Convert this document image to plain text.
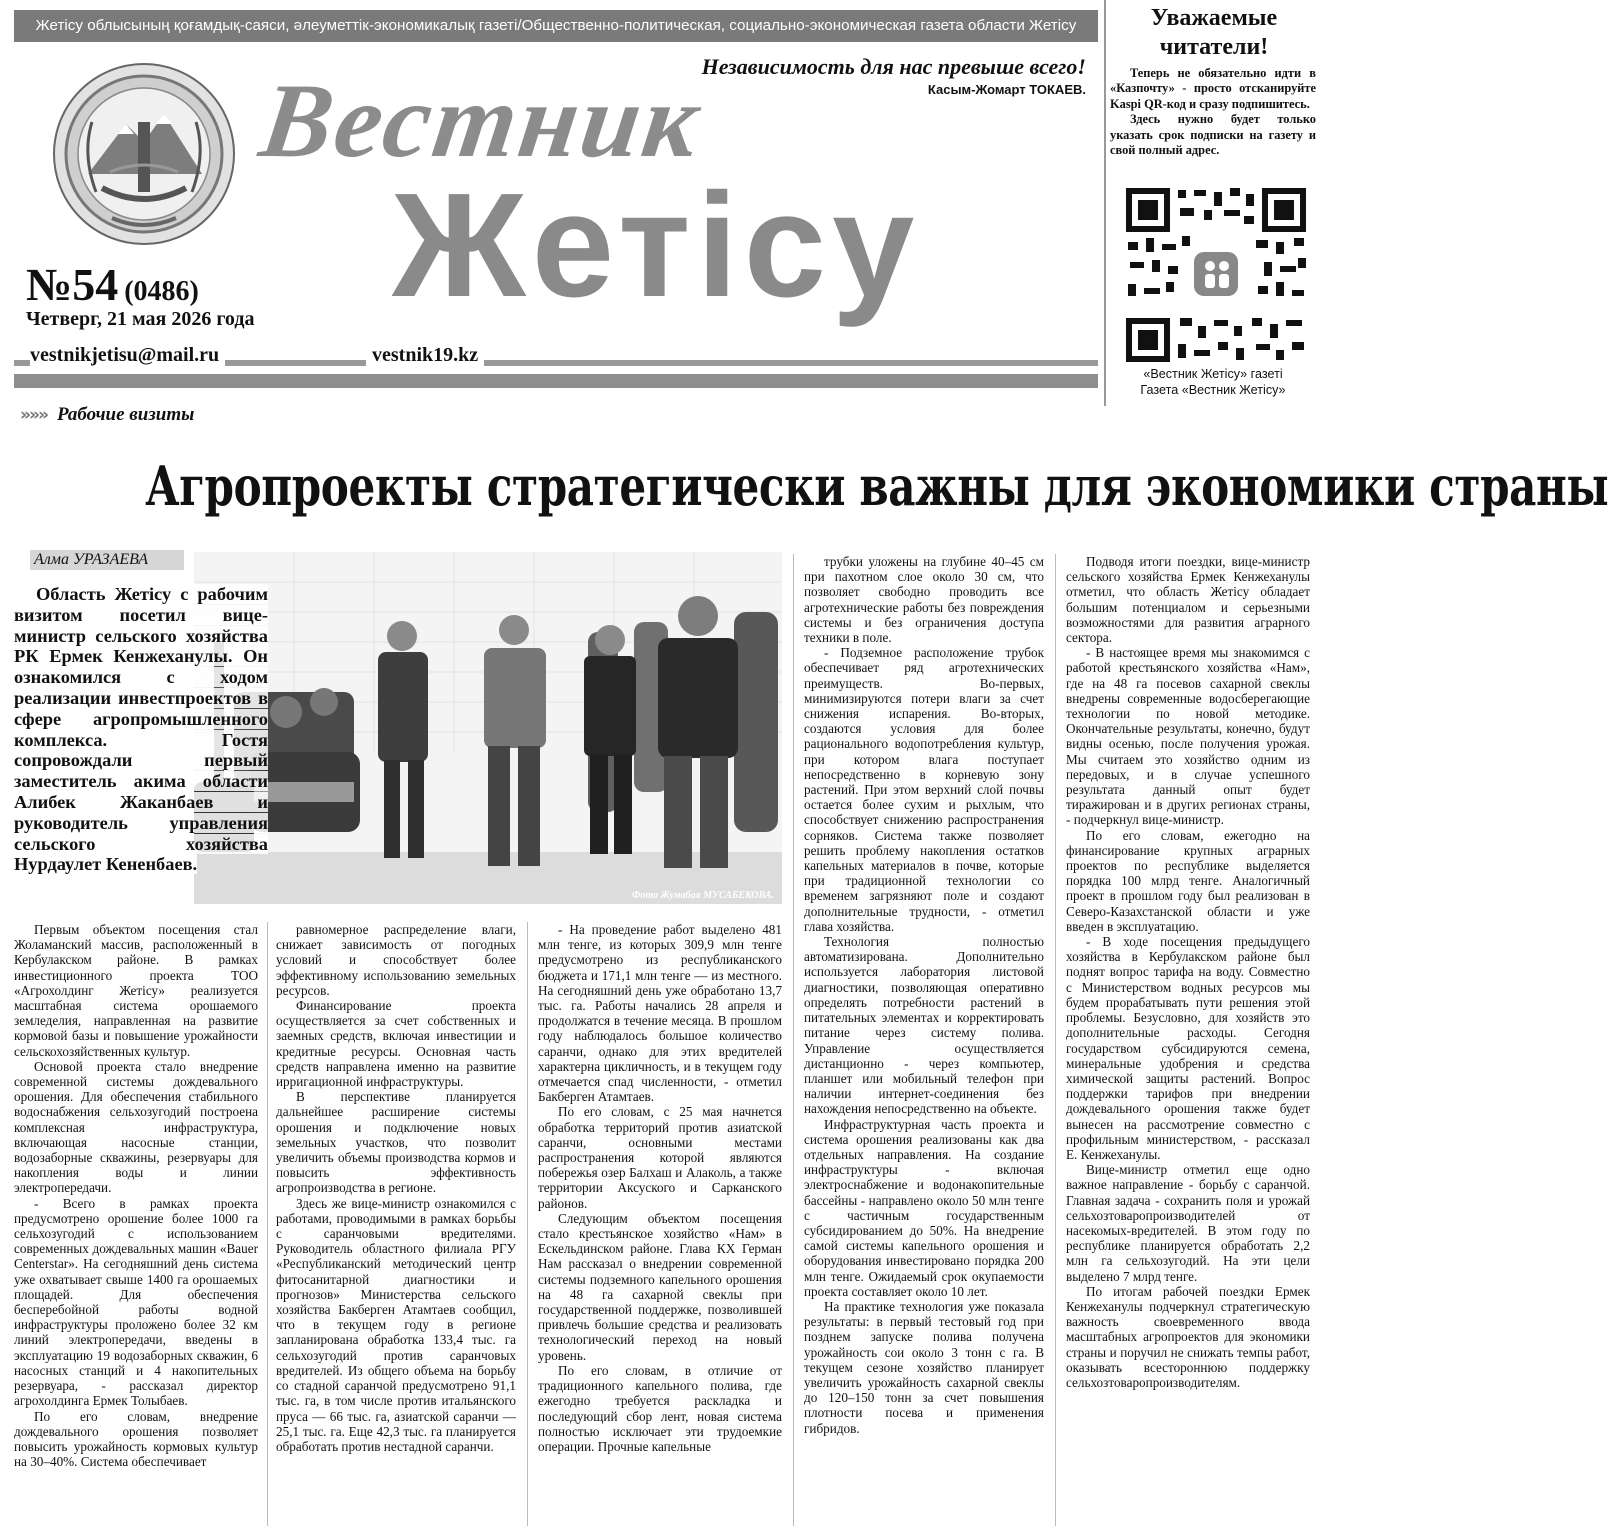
Жетісу облысының қоғамдық-саяси, әлеуметтік-экономикалық газеті/Общественно-политическая, социально-экономическая газета области Жетісу
Независимость для нас превыше всего!
Касым-Жомарт ТОКАЕВ.
Вестник
Жетісу
№54 (0486)
Четверг, 21 мая 2026 года
vestnikjetisu@mail.ru	vestnik19.kz
Уважаемые читатели!

Теперь не обязательно идти в «Казпочту» - просто отсканируйте Kaspi QR-код и сразу подпишитесь.

Здесь нужно будет только указать срок подписки на газету и свой полный адрес.

«Вестник Жетісу» газеті
Газета «Вестник Жетісу»
»»» Рабочие визиты
Агропроекты стратегически важны для экономики страны
Алма УРАЗАЕВА
Фото Жумабая МУСАБЕКОВА.
Область Жетісу с рабочим визитом посетил вице-министр сельского хозяйства РК Ермек Кенжеханулы. Он ознакомился с ходом реализации инвестпроектов в сфере агропромышленного комплекса. Гостя сопровождали первый заместитель акима области Алибек Жаканбаев и руководитель управления сельского хозяйства Нурдаулет Кененбаев.

Первым объектом посещения стал Жоламанский массив, расположенный в Кербулакском районе. В рамках инвестиционного проекта ТОО «Агрохолдинг Жетісу» реализуется масштабная система орошаемого земледелия, направленная на развитие кормовой базы и повышение урожайности сельскохозяйственных культур.

Основой проекта стало внедрение современной системы дождевального орошения. Для обеспечения стабильного водоснабжения сельхозугодий построена комплексная инфраструктура, включающая насосные станции, водозаборные скважины, резервуары для накопления воды и линии электропередачи.

- Всего в рамках проекта предусмотрено орошение более 1000 га сельхозугодий с использованием современных дождевальных машин «Bauer Centerstar». На сегодняшний день система уже охватывает свыше 1400 га орошаемых площадей. Для обеспечения бесперебойной работы водной инфраструктуры проложено более 32 км линий электропередачи, введены в эксплуатацию 19 водозаборных скважин, 6 насосных станций и 4 накопительных резервуара, - рассказал директор агрохолдинга Ермек Толыбаев.

По его словам, внедрение дождевального орошения позволяет повысить урожайность кормовых культур на 30–40%. Система обеспечивает

равномерное распределение влаги, снижает зависимость от погодных условий и способствует более эффективному использованию земельных ресурсов.

Финансирование проекта осуществляется за счет собственных и заемных средств, включая инвестиции и кредитные ресурсы. Основная часть средств направлена именно на развитие ирригационной инфраструктуры.

В перспективе планируется дальнейшее расширение системы орошения и подключение новых земельных участков, что позволит увеличить объемы производства кормов и повысить эффективность агропроизводства в регионе.

Здесь же вице-министр ознакомился с работами, проводимыми в рамках борьбы с саранчовыми вредителями. Руководитель областного филиала РГУ «Республиканский методический центр фитосанитарной диагностики и прогнозов» Министерства сельского хозяйства Бакберген Атамтаев сообщил, что в текущем году в регионе запланирована обработка 133,4 тыс. га сельхозугодий против саранчовых вредителей. Из общего объема на борьбу со стадной саранчой предусмотрено 91,1 тыс. га, в том числе против итальянского пруса — 66 тыс. га, азиатской саранчи — 25,1 тыс. га. Еще 42,3 тыс. га планируется обработать против нестадной саранчи.

- На проведение работ выделено 481 млн тенге, из которых 309,9 млн тенге предусмотрено из республиканского бюджета и 171,1 млн тенге — из местного. На сегодняшний день уже обработано 13,7 тыс. га. Работы начались 28 апреля и продолжатся в течение месяца. В прошлом году наблюдалось большое количество саранчи, однако для этих вредителей характерна цикличность, и в текущем году отмечается спад численности, - отметил Бакберген Атамтаев.

По его словам, с 25 мая начнется обработка территорий против азиатской саранчи, основными местами распространения которой являются побережья озер Балхаш и Алаколь, а также территории Аксуского и Сарканского районов.

Следующим объектом посещения стало крестьянское хозяйство «Нам» в Ескельдинском районе. Глава КХ Герман Нам рассказал о внедрении современной системы подземного капельного орошения на 48 га сахарной свеклы при государственной поддержке, позволившей привлечь большие средства и реализовать технологический переход на новый уровень.

По его словам, в отличие от традиционного капельного полива, где ежегодно требуется раскладка и последующий сбор лент, новая система полностью исключает эти трудоемкие операции. Прочные капельные

трубки уложены на глубине 40–45 см при пахотном слое около 30 см, что позволяет свободно проводить все агротехнические работы без повреждения системы и без ограничения доступа техники в поле.

- Подземное расположение трубок обеспечивает ряд агротехнических преимуществ. Во-первых, минимизируются потери влаги за счет снижения испарения. Во-вторых, создаются условия для более рационального водопотребления культур, при котором влага поступает непосредственно в корневую зону растений. При этом верхний слой почвы остается более сухим и рыхлым, что способствует снижению распространения сорняков. Система также позволяет решить проблему накопления остатков капельных материалов в почве, которые при традиционной технологии со временем загрязняют поле и создают дополнительные трудности, - отметил глава хозяйства.

Технология полностью автоматизирована. Дополнительно используется лаборатория листовой диагностики, позволяющая оперативно определять потребности растений в питательных элементах и корректировать питание через систему полива. Управление осуществляется дистанционно - через компьютер, планшет или мобильный телефон при наличии интернет-соединения без нахождения непосредственно на объекте.

Инфраструктурная часть проекта и система орошения реализованы как два отдельных направления. На создание инфраструктуры - включая электроснабжение и водонакопительные бассейны - направлено около 50 млн тенге с частичным государственным субсидированием до 50%. На внедрение самой системы капельного орошения и оборудования инвестировано порядка 200 млн тенге. Ожидаемый срок окупаемости проекта составляет около 10 лет.

На практике технология уже показала результаты: в первый тестовый год при позднем запуске полива получена урожайность сои около 3 тонн с га. В текущем сезоне хозяйство планирует увеличить урожайность сахарной свеклы до 120–150 тонн за счет повышения плотности посева и применения гибридов.

Подводя итоги поездки, вице-министр сельского хозяйства Ермек Кенжеханулы отметил, что область Жетісу обладает большим потенциалом и серьезными возможностями для развития аграрного сектора.

- В настоящее время мы знакомимся с работой крестьянского хозяйства «Нам», где на 48 га посевов сахарной свеклы внедрены современные водосберегающие технологии по новой методике. Окончательные результаты, конечно, будут видны осенью, после получения урожая. Мы считаем это хозяйство одним из передовых, и в случае успешного результата данный опыт будет тиражирован и в других регионах страны, - подчеркнул вице-министр.

По его словам, ежегодно на финансирование крупных аграрных проектов по республике выделяется порядка 100 млрд тенге. Аналогичный проект в прошлом году был реализован в Северо-Казахстанской области и уже введен в эксплуатацию.

- В ходе посещения предыдущего хозяйства в Кербулакском районе был поднят вопрос тарифа на воду. Совместно с Министерством водных ресурсов мы будем прорабатывать пути решения этой проблемы. Безусловно, для хозяйств это дополнительные расходы. Сегодня государством субсидируются семена, минеральные удобрения и средства химической защиты растений. Вопрос поддержки тарифов при внедрении дождевального орошения также будет вынесен на рассмотрение совместно с профильным министерством, - рассказал Е. Кенжеханулы.

Вице-министр отметил еще одно важное направление - борьбу с саранчой. Главная задача - сохранить поля и урожай сельхозтоваропроизводителей от насекомых-вредителей. В этом году по республике планируется обработать 2,2 млн га сельхозугодий. На эти цели выделено 7 млрд тенге.

По итогам рабочей поездки Ермек Кенжеханулы подчеркнул стратегическую важность своевременного ввода масштабных агропроектов для экономики страны и поручил не снижать темпы работ, оказывать всестороннюю поддержку сельхозтоваропроизводителям.
